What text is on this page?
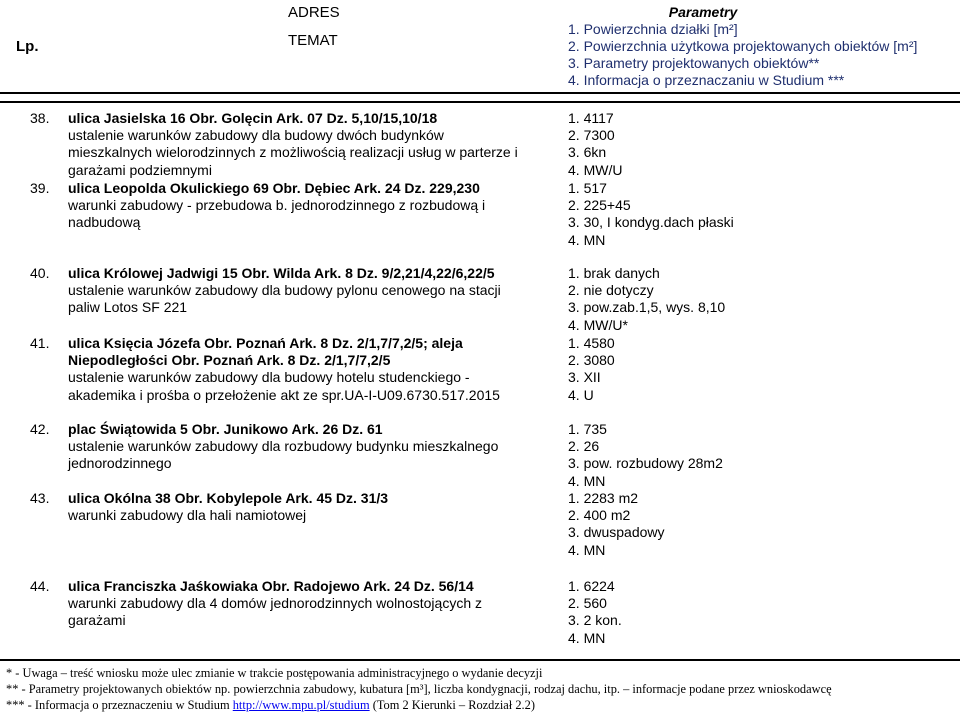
Lp.
ADRES
TEMAT
Parametry
1. Powierzchnia działki [m²]
2. Powierzchnia użytkowa projektowanych obiektów [m²]
3. Parametry projektowanych obiektów**
4. Informacja o przeznaczaniu w Studium ***
38. ulica Jasielska 16 Obr. Golęcin Ark. 07 Dz. 5,10/15,10/18
ustalenie warunków zabudowy dla budowy dwóch budynków
mieszkalnych wielorodzinnych z możliwością realizacji usług w parterze i
garażami podziemnymi
1. 4117
2. 7300
3. 6kn
4. MW/U
39. ulica Leopolda Okulickiego 69 Obr. Dębiec Ark. 24 Dz. 229,230
warunki zabudowy - przebudowa b. jednorodzinnego z rozbudową i
nadbudową
1. 517
2. 225+45
3. 30, I kondyg.dach płaski
4. MN
40. ulica Królowej Jadwigi 15 Obr. Wilda Ark. 8 Dz. 9/2,21/4,22/6,22/5
ustalenie warunków zabudowy dla budowy pylonu cenowego na stacji
paliw Lotos SF 221
1. brak danych
2. nie dotyczy
3. pow.zab.1,5, wys. 8,10
4. MW/U*
41. ulica Księcia Józefa Obr. Poznań Ark. 8 Dz. 2/1,7/7,2/5; aleja Niepodległości Obr. Poznań Ark. 8 Dz. 2/1,7/7,2/5
ustalenie warunków zabudowy dla budowy hotelu studenckiego -
akademika i prośba o przełożenie akt ze spr.UA-I-U09.6730.517.2015
1. 4580
2. 3080
3. XII
4. U
42. plac Świątowida 5 Obr. Junikowo Ark. 26 Dz. 61
ustalenie warunków zabudowy dla rozbudowy budynku mieszkalnego
jednorodzinnego
1. 735
2. 26
3. pow. rozbudowy 28m2
4. MN
43. ulica Okólna 38 Obr. Kobylepole Ark. 45 Dz. 31/3
warunki zabudowy dla hali namiotowej
1. 2283 m2
2. 400 m2
3. dwuspadowy
4. MN
44. ulica Franciszka Jaśkowiaka Obr. Radojewo Ark. 24 Dz. 56/14
warunki zabudowy dla 4 domów jednorodzinnych wolnostojących z
garażami
1. 6224
2. 560
3. 2 kon.
4. MN
* - Uwaga – treść wniosku może ulec zmianie w trakcie postępowania administracyjnego o wydanie decyzji
** - Parametry projektowanych obiektów np. powierzchnia zabudowy, kubatura [m³], liczba kondygnacji, rodzaj dachu, itp. – informacje podane przez wnioskodawcę
*** - Informacja o przeznaczeniu w Studium http://www.mpu.pl/studium (Tom 2 Kierunki – Rozdział 2.2)
